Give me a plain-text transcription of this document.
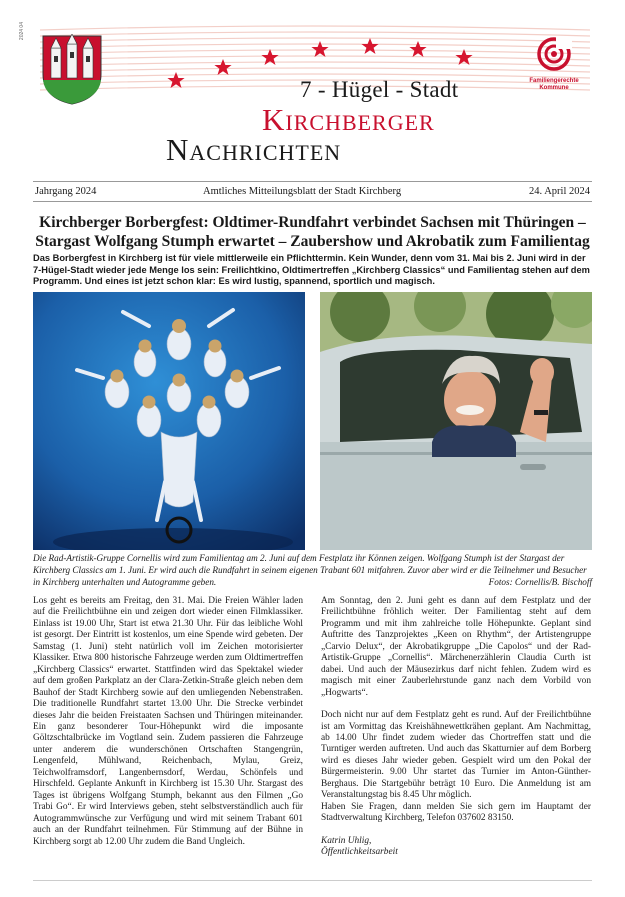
2024 04
Familiengerechte Kommune
7 - Hügel - Stadt
Kirchberger
Nachrichten
Jahrgang 2024	Amtliches Mitteilungsblatt der Stadt Kirchberg	24. April 2024
Kirchberger Borbergfest: Oldtimer-Rundfahrt verbindet Sachsen mit Thüringen –
Stargast Wolfgang Stumph erwartet – Zaubershow und Akrobatik zum Familientag
Das Borbergfest in Kirchberg ist für viele mittlerweile ein Pflichttermin. Kein Wunder, denn vom 31. Mai bis 2. Juni wird in der 7-Hügel-Stadt wieder jede Menge los sein: Freilichtkino, Oldtimertreffen „Kirchberg Classics“ und Familientag stehen auf dem Programm. Und eines ist jetzt schon klar: Es wird lustig, spannend, sportlich und magisch.
Die Rad-Artistik-Gruppe Cornellis wird zum Familientag am 2. Juni auf dem Festplatz ihr Können zeigen. Wolfgang Stumph ist der Stargast der Kirchberg Classics am 1. Juni. Er wird auch die Rundfahrt in seinem eigenen Trabant 601 mitfahren. Zuvor aber wird er die Teilnehmer und Besucher in Kirchberg unterhalten und Autogramme geben.	Fotos: Cornellis/B. Bischoff

Los geht es bereits am Freitag, den 31. Mai. Die Freien Wähler laden auf die Freilichtbühne ein und zeigen dort wieder einen Filmklassiker. Einlass ist 19.00 Uhr, Start ist etwa 21.30 Uhr. Für das leibliche Wohl ist gesorgt. Der Eintritt ist kostenlos, um eine Spende wird gebeten. Der Samstag (1. Juni) steht natürlich voll im Zeichen motorisierter Klassiker. Etwa 800 historische Fahrzeuge werden zum Oldtimertreffen „Kirchberg Classics“ erwartet. Stattfinden wird das Spektakel wieder auf dem großen Parkplatz an der Clara-Zetkin-Straße gleich neben dem Bauhof der Stadt Kirchberg sowie auf den umliegenden Nebenstraßen. Die traditionelle Rundfahrt startet 13.00 Uhr. Die Strecke verbindet dieses Jahr die beiden Freistaaten Sachsen und Thüringen miteinander. Ein ganz besonderer Tour-Höhepunkt wird die imposante Göltzschtalbrücke im Vogtland sein. Zudem passieren die Fahrzeuge unter anderem die wunderschönen Ortschaften Stangengrün, Lengenfeld, Mühlwand, Reichenbach, Mylau, Greiz, Teichwolframsdorf, Langenbernsdorf, Werdau, Schönfels und Hirschfeld. Geplante Ankunft in Kirchberg ist 15.30 Uhr. Stargast des Tages ist übrigens Wolfgang Stumph, bekannt aus den Filmen „Go Trabi Go“. Er wird Interviews geben, steht selbstverständlich auch für Autogrammwünsche zur Verfügung und wird mit seinem Trabant 601 auch an der Rundfahrt teilnehmen. Für Stimmung auf der Bühne in Kirchberg sorgt ab 12.00 Uhr zudem die Band Ungleich.

Am Sonntag, den 2. Juni geht es dann auf dem Festplatz und der Freilichtbühne fröhlich weiter. Der Familientag steht auf dem Programm und mit ihm zahlreiche tolle Höhepunkte. Geplant sind Auftritte des Tanzprojektes „Keen on Rhythm“, der Artistengruppe „Carvio Delux“, der Akrobatikgruppe „Die Capolos“ und der Rad-Artistik-Gruppe „Cornellis“. Märchenerzählerin Claudia Curth ist dabei. Und auch der Mäusezirkus darf nicht fehlen. Zudem wird es magisch mit einer Zauberlehrstunde ganz nach dem Vorbild von „Hogwarts“.

Doch nicht nur auf dem Festplatz geht es rund. Auf der Freilichtbühne ist am Vormittag das Kreishähnewettkrähen geplant. Am Nachmittag, ab 14.00 Uhr findet zudem wieder das Chortreffen statt und die Turntiger werden auftreten. Und auch das Skatturnier auf dem Borberg wird es dieses Jahr wieder geben. Gespielt wird um den Pokal der Bürgermeisterin. 9.00 Uhr startet das Turnier im Anton-Günther-Berghaus. Die Startgebühr beträgt 10 Euro. Die Anmeldung ist am Veranstaltungstag bis 8.45 Uhr möglich.

Haben Sie Fragen, dann melden Sie sich gern im Hauptamt der Stadtverwaltung Kirchberg, Telefon 037602 83150.

Katrin Uhlig,

Öffentlichkeitsarbeit
